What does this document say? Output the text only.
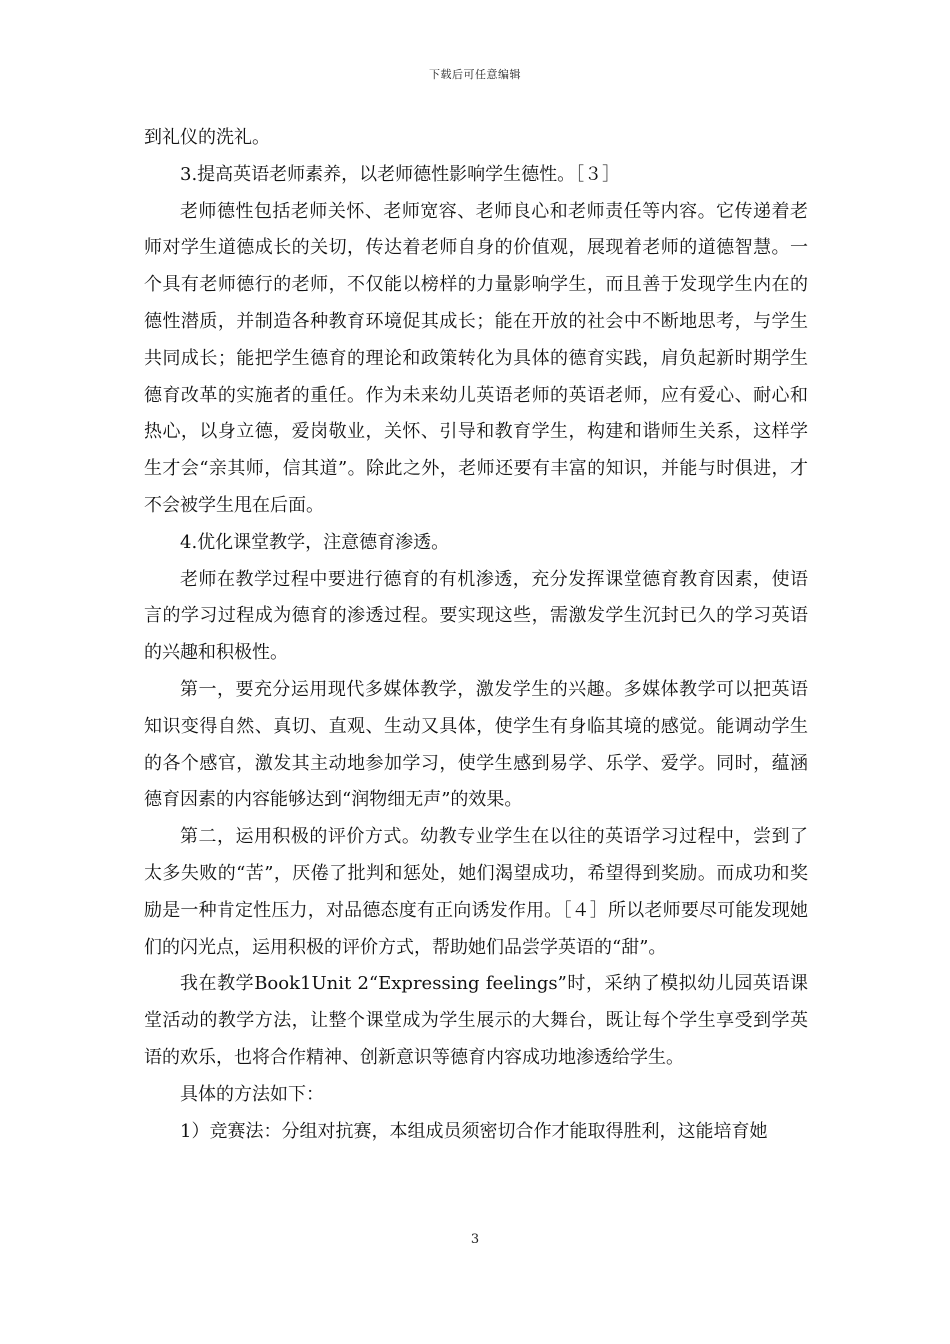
下载后可任意编辑

到礼仪的洗礼。

3.提高英语老师素养，以老师德性影响学生德性。［３］

老师德性包括老师关怀、老师宽容、老师良心和老师责任等内容。它传递着老师对学生道德成长的关切，传达着老师自身的价值观，展现着老师的道德智慧。一个具有老师德行的老师，不仅能以榜样的力量影响学生，而且善于发现学生内在的德性潜质，并制造各种教育环境促其成长；能在开放的社会中不断地思考，与学生共同成长；能把学生德育的理论和政策转化为具体的德育实践，肩负起新时期学生德育改革的实施者的重任。作为未来幼儿英语老师的英语老师，应有爱心、耐心和热心，以身立德，爱岗敬业，关怀、引导和教育学生，构建和谐师生关系，这样学生才会“亲其师，信其道”。除此之外，老师还要有丰富的知识，并能与时俱进，才不会被学生甩在后面。

4.优化课堂教学，注意德育渗透。

老师在教学过程中要进行德育的有机渗透，充分发挥课堂德育教育因素，使语言的学习过程成为德育的渗透过程。要实现这些，需激发学生沉封已久的学习英语的兴趣和积极性。

第一，要充分运用现代多媒体教学，激发学生的兴趣。多媒体教学可以把英语知识变得自然、真切、直观、生动又具体，使学生有身临其境的感觉。能调动学生的各个感官，激发其主动地参加学习，使学生感到易学、乐学、爱学。同时，蕴涵德育因素的内容能够达到“润物细无声”的效果。

第二，运用积极的评价方式。幼教专业学生在以往的英语学习过程中，尝到了太多失败的“苦”，厌倦了批判和惩处，她们渴望成功，希望得到奖励。而成功和奖励是一种肯定性压力，对品德态度有正向诱发作用。［４］所以老师要尽可能发现她们的闪光点，运用积极的评价方式，帮助她们品尝学英语的“甜”。

我在教学Book1Unit 2“Expressing feelings”时，采纳了模拟幼儿园英语课堂活动的教学方法，让整个课堂成为学生展示的大舞台，既让每个学生享受到学英语的欢乐，也将合作精神、创新意识等德育内容成功地渗透给学生。

具体的方法如下：

1）竞赛法：分组对抗赛，本组成员须密切合作才能取得胜利，这能培育她

3
